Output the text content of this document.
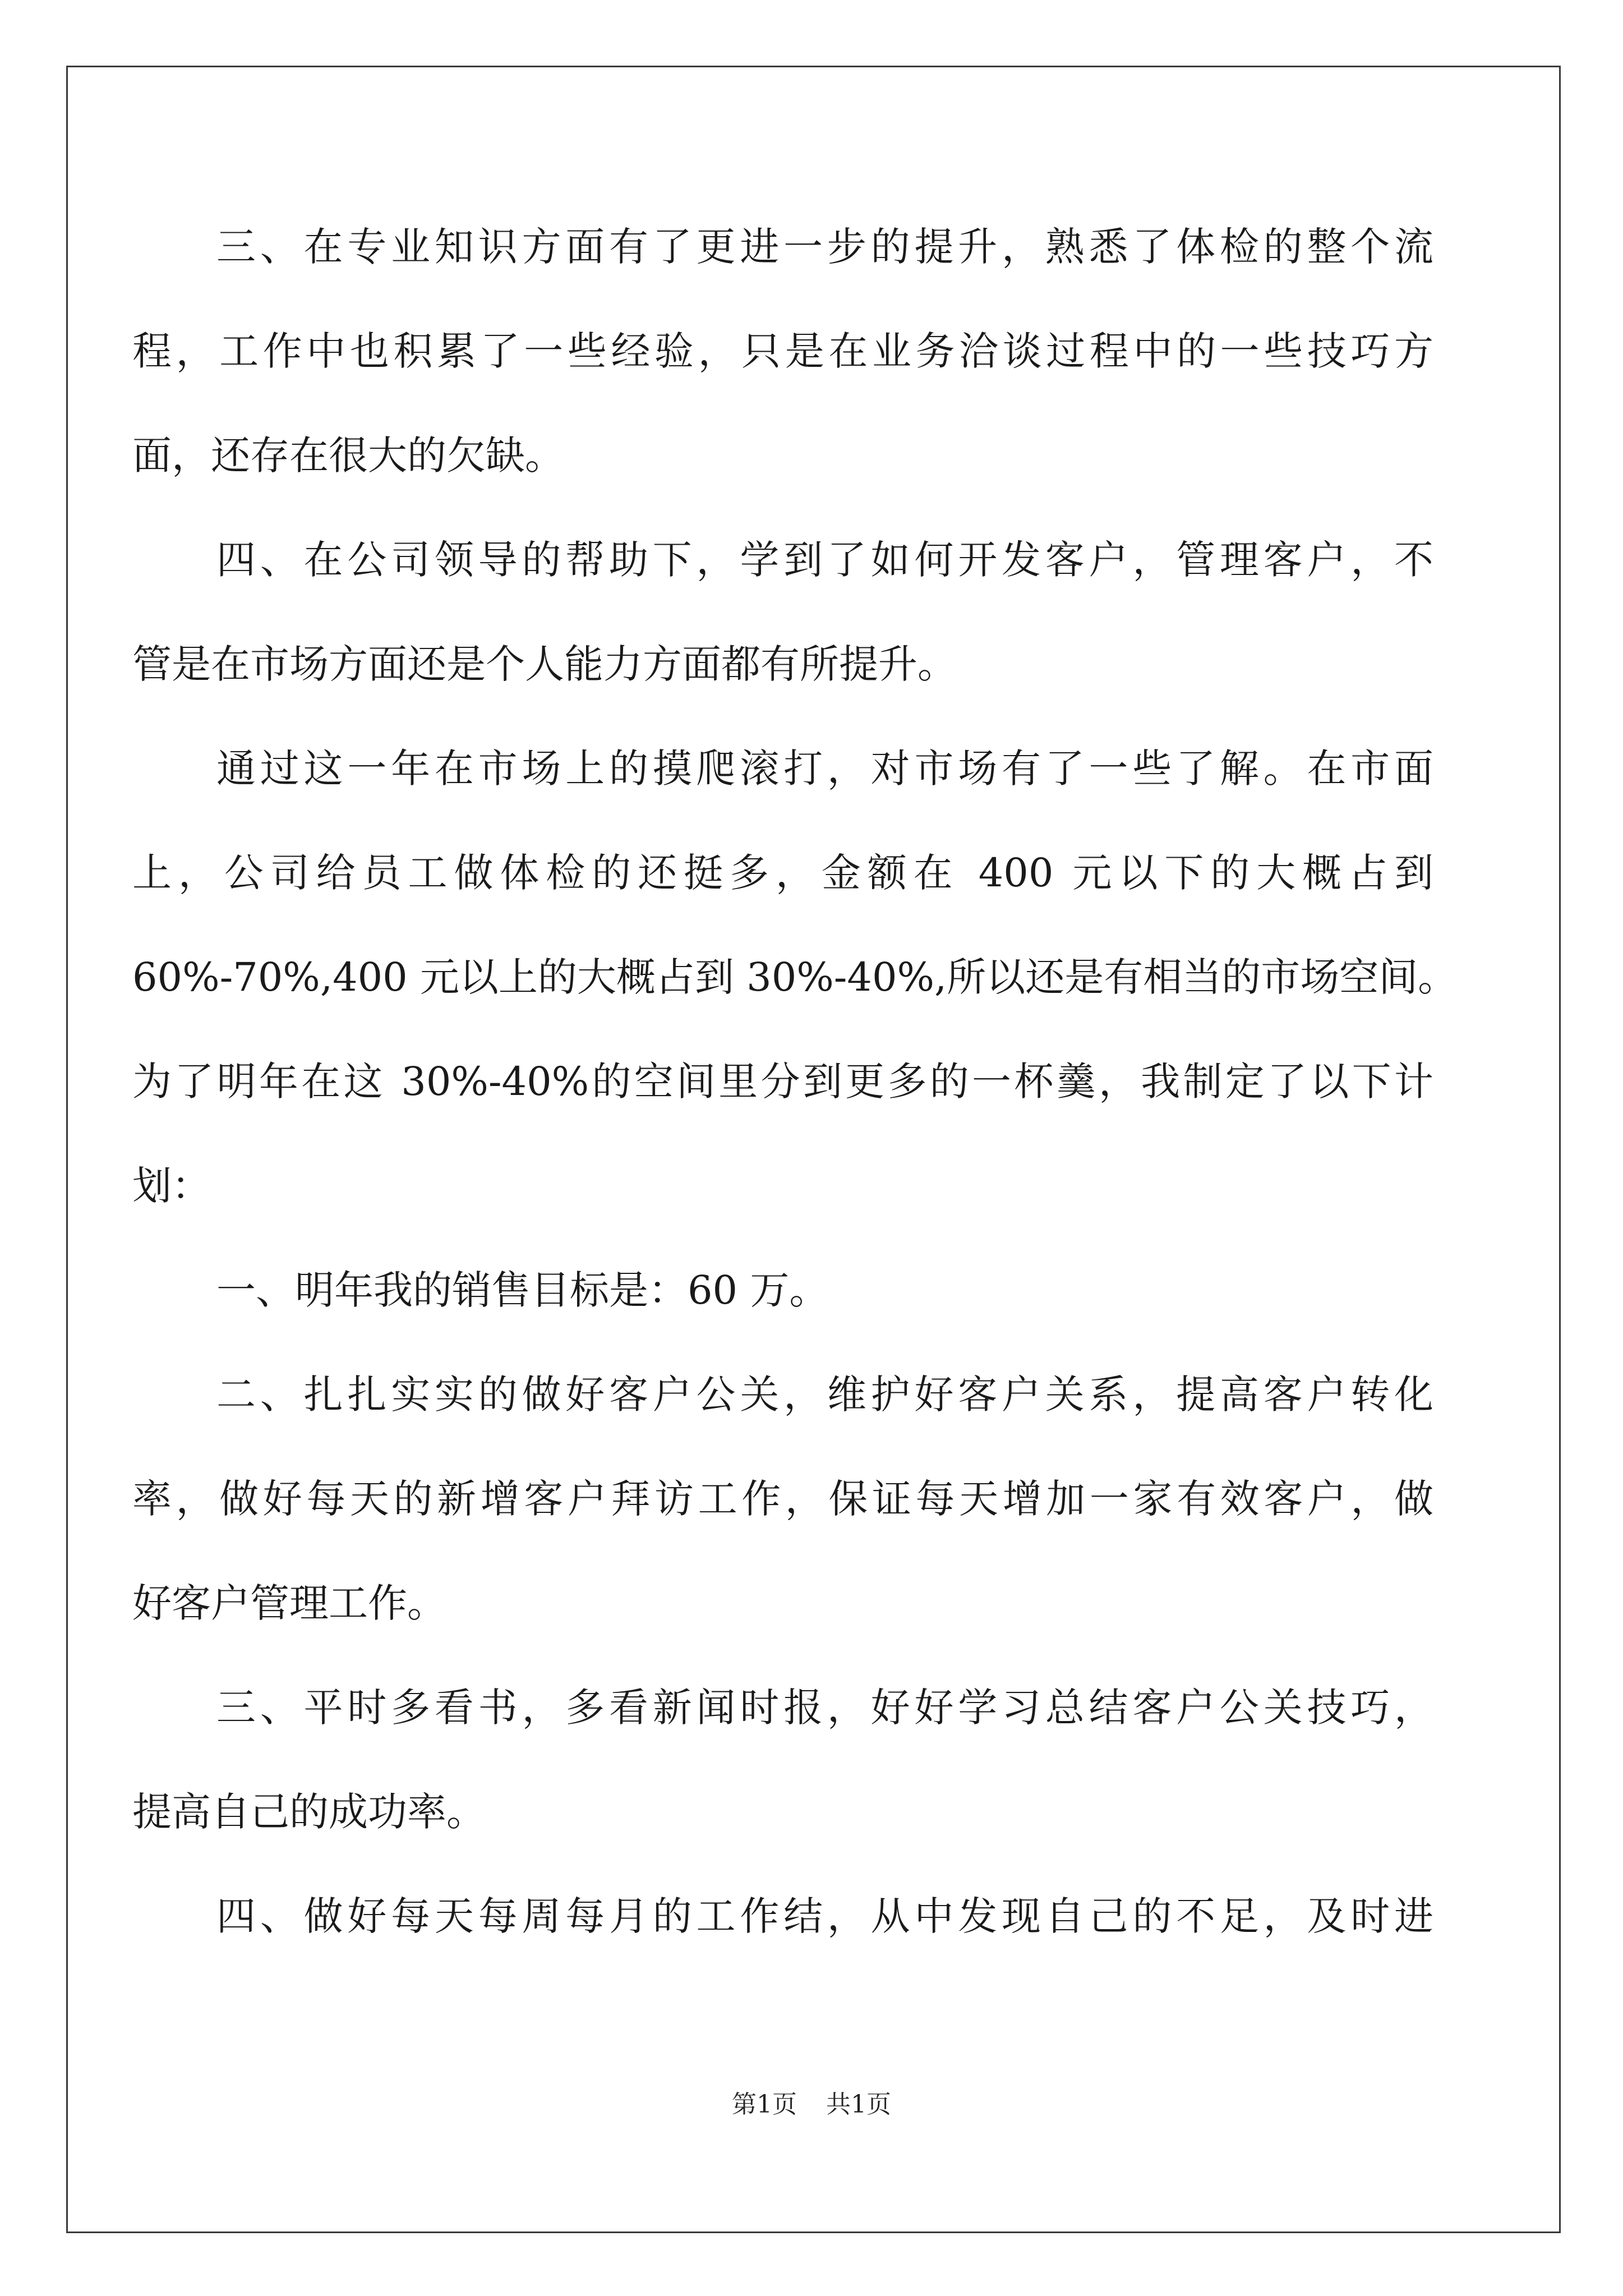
三、在专业知识方面有了更进一步的提升，熟悉了体检的整个流
程，工作中也积累了一些经验，只是在业务洽谈过程中的一些技巧方
面，还存在很大的欠缺。
四、在公司领导的帮助下，学到了如何开发客户，管理客户，不
管是在市场方面还是个人能力方面都有所提升。
通过这一年在市场上的摸爬滚打，对市场有了一些了解。在市面
上，公司给员工做体检的还挺多，金额在 400 元以下的大概占到
60%-70%,400 元以上的大概占到 30%-40%,所以还是有相当的市场空间。
为了明年在这 30%-40%的空间里分到更多的一杯羹，我制定了以下计
划：
一、明年我的销售目标是：60 万。
二、扎扎实实的做好客户公关，维护好客户关系，提高客户转化
率，做好每天的新增客户拜访工作，保证每天增加一家有效客户，做
好客户管理工作。
三、平时多看书，多看新闻时报，好好学习总结客户公关技巧，
提高自己的成功率。
四、做好每天每周每月的工作结，从中发现自己的不足，及时进
第1页 共1页
